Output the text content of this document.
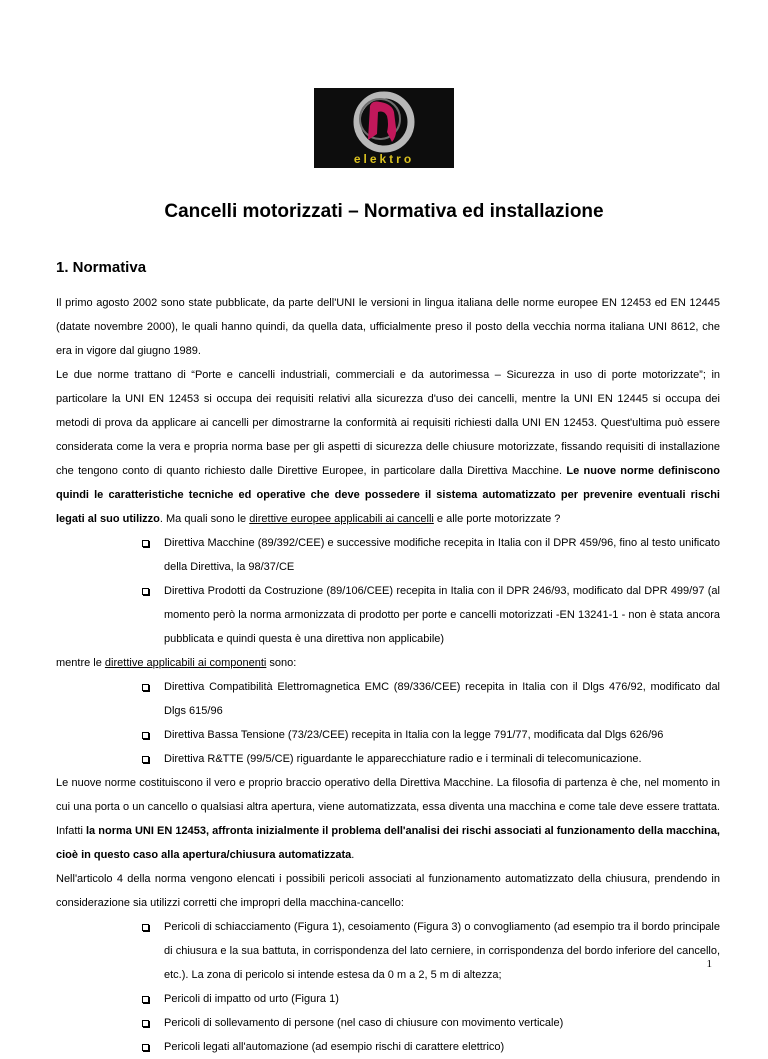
elektro
Cancelli motorizzati – Normativa ed installazione
1. Normativa

Il primo agosto 2002 sono state pubblicate, da parte dell'UNI le versioni in lingua italiana delle norme europee EN 12453 ed EN 12445 (datate novembre 2000), le quali hanno quindi, da quella data, ufficialmente preso il posto della vecchia norma italiana UNI 8612, che era in vigore dal giugno 1989.

Le due norme trattano di “Porte e cancelli industriali, commerciali e da autorimessa – Sicurezza in uso di porte motorizzate”; in particolare la UNI EN 12453 si occupa dei requisiti relativi alla sicurezza d'uso dei cancelli, mentre la UNI EN 12445 si occupa dei metodi di prova da applicare ai cancelli per dimostrarne la conformità ai requisiti richiesti dalla UNI EN 12453. Quest'ultima può essere considerata come la vera e propria norma base per gli aspetti di sicurezza delle chiusure motorizzate, fissando requisiti di installazione che tengono conto di quanto richiesto dalle Direttive Europee, in particolare dalla Direttiva Macchine. Le nuove norme definiscono quindi le caratteristiche tecniche ed operative che deve possedere il sistema automatizzato per prevenire eventuali rischi legati al suo utilizzo. Ma quali sono le direttive europee applicabili ai cancelli e alle porte motorizzate ?

Direttiva Macchine (89/392/CEE) e successive modifiche recepita in Italia con il DPR 459/96, fino al testo unificato della Direttiva, la 98/37/CE
Direttiva Prodotti da Costruzione (89/106/CEE) recepita in Italia con il DPR 246/93, modificato dal DPR 499/97 (al momento però la norma armonizzata di prodotto per porte e cancelli motorizzati -EN 13241-1 - non è stata ancora pubblicata e quindi questa è una direttiva non applicabile)

mentre le direttive applicabili ai componenti sono:

Direttiva Compatibilità Elettromagnetica EMC (89/336/CEE) recepita in Italia con il Dlgs 476/92, modificato dal Dlgs 615/96
Direttiva Bassa Tensione (73/23/CEE) recepita in Italia con la legge 791/77, modificata dal Dlgs 626/96
Direttiva R&TTE (99/5/CE) riguardante le apparecchiature radio e i terminali di telecomunicazione.

Le nuove norme costituiscono il vero e proprio braccio operativo della Direttiva Macchine. La filosofia di partenza è che, nel momento in cui una porta o un cancello o qualsiasi altra apertura, viene automatizzata, essa diventa una macchina e come tale deve essere trattata. Infatti la norma UNI EN 12453, affronta inizialmente il problema dell'analisi dei rischi associati al funzionamento della macchina, cioè in questo caso alla apertura/chiusura automatizzata.

Nell'articolo 4 della norma vengono elencati i possibili pericoli associati al funzionamento automatizzato della chiusura, prendendo in considerazione sia utilizzi corretti che impropri della macchina-cancello:

Pericoli di schiacciamento (Figura 1), cesoiamento (Figura 3) o convogliamento (ad esempio tra il bordo principale di chiusura e la sua battuta, in corrispondenza del lato cerniere, in corrispondenza del bordo inferiore del cancello, etc.). La zona di pericolo si intende estesa da 0 m a 2, 5 m di altezza;
Pericoli di impatto od urto (Figura 1)
Pericoli di sollevamento di persone (nel caso di chiusure con movimento verticale)
Pericoli legati all'automazione (ad esempio rischi di carattere elettrico)
1
